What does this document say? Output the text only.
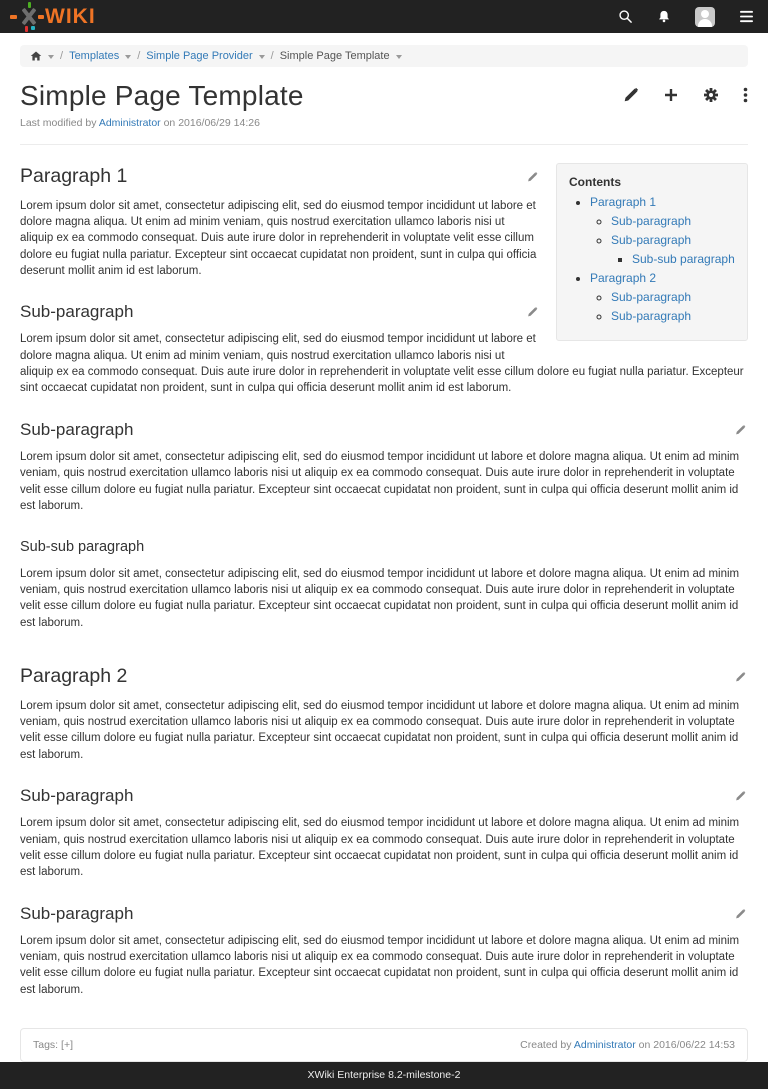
WIKI
/ Templates / Simple Page Provider / Simple Page Template
Simple Page Template
Last modified by Administrator on 2016/06/29 14:26
Contents
• Paragraph 1
◦ Sub-paragraph
◦ Sub-paragraph
▪ Sub-sub paragraph
• Paragraph 2
◦ Sub-paragraph
◦ Sub-paragraph
Paragraph 1

Lorem ipsum dolor sit amet, consectetur adipiscing elit, sed do eiusmod tempor incididunt ut labore et dolore magna aliqua. Ut enim ad minim veniam, quis nostrud exercitation ullamco laboris nisi ut aliquip ex ea commodo consequat. Duis aute irure dolor in reprehenderit in voluptate velit esse cillum dolore eu fugiat nulla pariatur. Excepteur sint occaecat cupidatat non proident, sunt in culpa qui officia deserunt mollit anim id est laborum.

Sub-paragraph

Lorem ipsum dolor sit amet, consectetur adipiscing elit, sed do eiusmod tempor incididunt ut labore et dolore magna aliqua. Ut enim ad minim veniam, quis nostrud exercitation ullamco laboris nisi ut aliquip ex ea commodo consequat. Duis aute irure dolor in reprehenderit in voluptate velit esse cillum dolore eu fugiat nulla pariatur. Excepteur sint occaecat cupidatat non proident, sunt in culpa qui officia deserunt mollit anim id est laborum.

Sub-paragraph

Lorem ipsum dolor sit amet, consectetur adipiscing elit, sed do eiusmod tempor incididunt ut labore et dolore magna aliqua. Ut enim ad minim veniam, quis nostrud exercitation ullamco laboris nisi ut aliquip ex ea commodo consequat. Duis aute irure dolor in reprehenderit in voluptate velit esse cillum dolore eu fugiat nulla pariatur. Excepteur sint occaecat cupidatat non proident, sunt in culpa qui officia deserunt mollit anim id est laborum.

Sub-sub paragraph

Lorem ipsum dolor sit amet, consectetur adipiscing elit, sed do eiusmod tempor incididunt ut labore et dolore magna aliqua. Ut enim ad minim veniam, quis nostrud exercitation ullamco laboris nisi ut aliquip ex ea commodo consequat. Duis aute irure dolor in reprehenderit in voluptate velit esse cillum dolore eu fugiat nulla pariatur. Excepteur sint occaecat cupidatat non proident, sunt in culpa qui officia deserunt mollit anim id est laborum.

Paragraph 2

Lorem ipsum dolor sit amet, consectetur adipiscing elit, sed do eiusmod tempor incididunt ut labore et dolore magna aliqua. Ut enim ad minim veniam, quis nostrud exercitation ullamco laboris nisi ut aliquip ex ea commodo consequat. Duis aute irure dolor in reprehenderit in voluptate velit esse cillum dolore eu fugiat nulla pariatur. Excepteur sint occaecat cupidatat non proident, sunt in culpa qui officia deserunt mollit anim id est laborum.

Sub-paragraph

Lorem ipsum dolor sit amet, consectetur adipiscing elit, sed do eiusmod tempor incididunt ut labore et dolore magna aliqua. Ut enim ad minim veniam, quis nostrud exercitation ullamco laboris nisi ut aliquip ex ea commodo consequat. Duis aute irure dolor in reprehenderit in voluptate velit esse cillum dolore eu fugiat nulla pariatur. Excepteur sint occaecat cupidatat non proident, sunt in culpa qui officia deserunt mollit anim id est laborum.

Sub-paragraph

Lorem ipsum dolor sit amet, consectetur adipiscing elit, sed do eiusmod tempor incididunt ut labore et dolore magna aliqua. Ut enim ad minim veniam, quis nostrud exercitation ullamco laboris nisi ut aliquip ex ea commodo consequat. Duis aute irure dolor in reprehenderit in voluptate velit esse cillum dolore eu fugiat nulla pariatur. Excepteur sint occaecat cupidatat non proident, sunt in culpa qui officia deserunt mollit anim id est laborum.

Tags: [+]	Created by Administrator on 2016/06/22 14:53
XWiki Enterprise 8.2-milestone-2
